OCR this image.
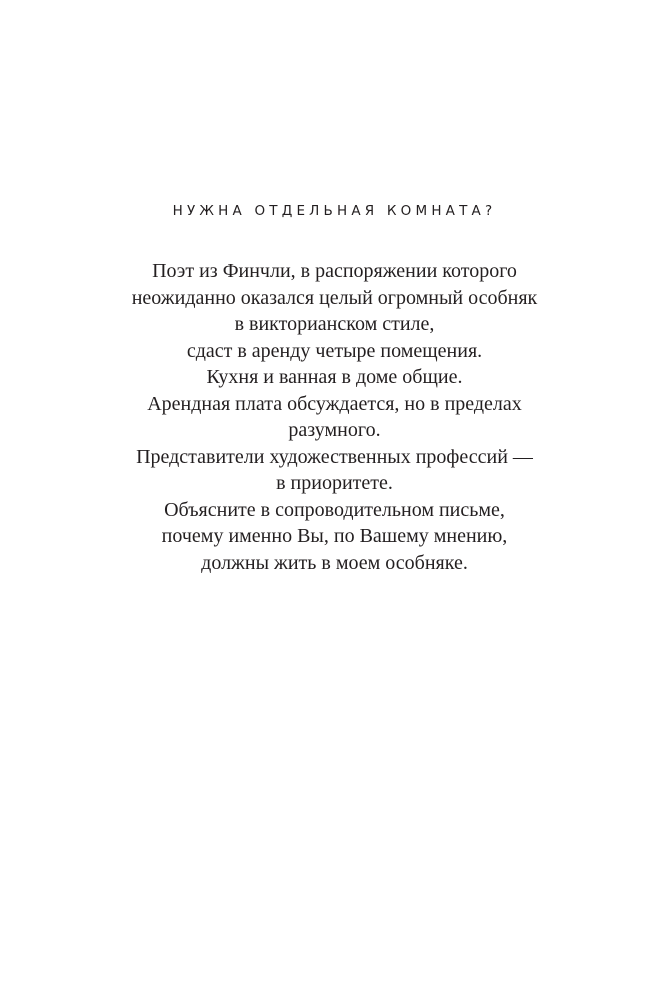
НУЖНА ОТДЕЛЬНАЯ КОМНАТА?
Поэт из Финчли, в распоряжении которого
неожиданно оказался целый огромный особняк
в викторианском стиле,
сдаст в аренду четыре помещения.
Кухня и ванная в доме общие.
Арендная плата обсуждается, но в пределах
разумного.
Представители художественных профессий —
в приоритете.
Объясните в сопроводительном письме,
почему именно Вы, по Вашему мнению,
должны жить в моем особняке.
